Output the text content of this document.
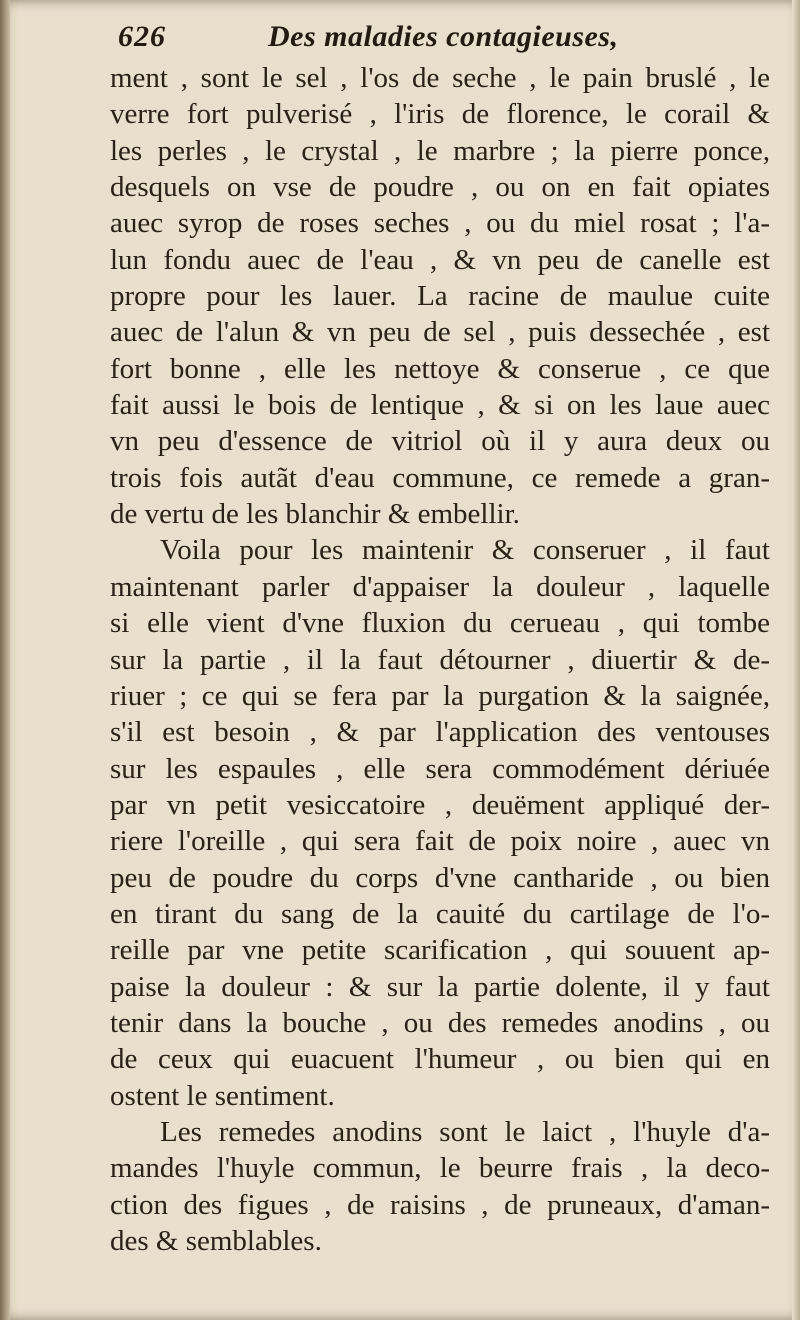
626	Des maladies contagieuses,
ment , sont le sel , l'os de seche , le pain bruslé , le
verre fort pulverisé , l'iris de florence, le corail &
les perles , le crystal , le marbre ; la pierre ponce,
desquels on vse de poudre , ou on en fait opiates
auec syrop de roses seches , ou du miel rosat ; l'a-
lun fondu auec de l'eau , & vn peu de canelle est
propre pour les lauer. La racine de maulue cuite
auec de l'alun & vn peu de sel , puis dessechée , est
fort bonne , elle les nettoye & conserue , ce que
fait aussi le bois de lentique , & si on les laue auec
vn peu d'essence de vitriol où il y aura deux ou
trois fois autãt d'eau commune, ce remede a gran-
de vertu de les blanchir & embellir.
Voila pour les maintenir & conseruer , il faut
maintenant parler d'appaiser la douleur , laquelle
si elle vient d'vne fluxion du cerueau , qui tombe
sur la partie , il la faut détourner , diuertir & de-
riuer ; ce qui se fera par la purgation & la saignée,
s'il est besoin , & par l'application des ventouses
sur les espaules , elle sera commodément dériuée
par vn petit vesiccatoire , deuëment appliqué der-
riere l'oreille , qui sera fait de poix noire , auec vn
peu de poudre du corps d'vne cantharide , ou bien
en tirant du sang de la cauité du cartilage de l'o-
reille par vne petite scarification , qui souuent ap-
paise la douleur : & sur la partie dolente, il y faut
tenir dans la bouche , ou des remedes anodins , ou
de ceux qui euacuent l'humeur , ou bien qui en
ostent le sentiment.
Les remedes anodins sont le laict , l'huyle d'a-
mandes l'huyle commun, le beurre frais , la deco-
ction des figues , de raisins , de pruneaux, d'aman-
des & semblables.
